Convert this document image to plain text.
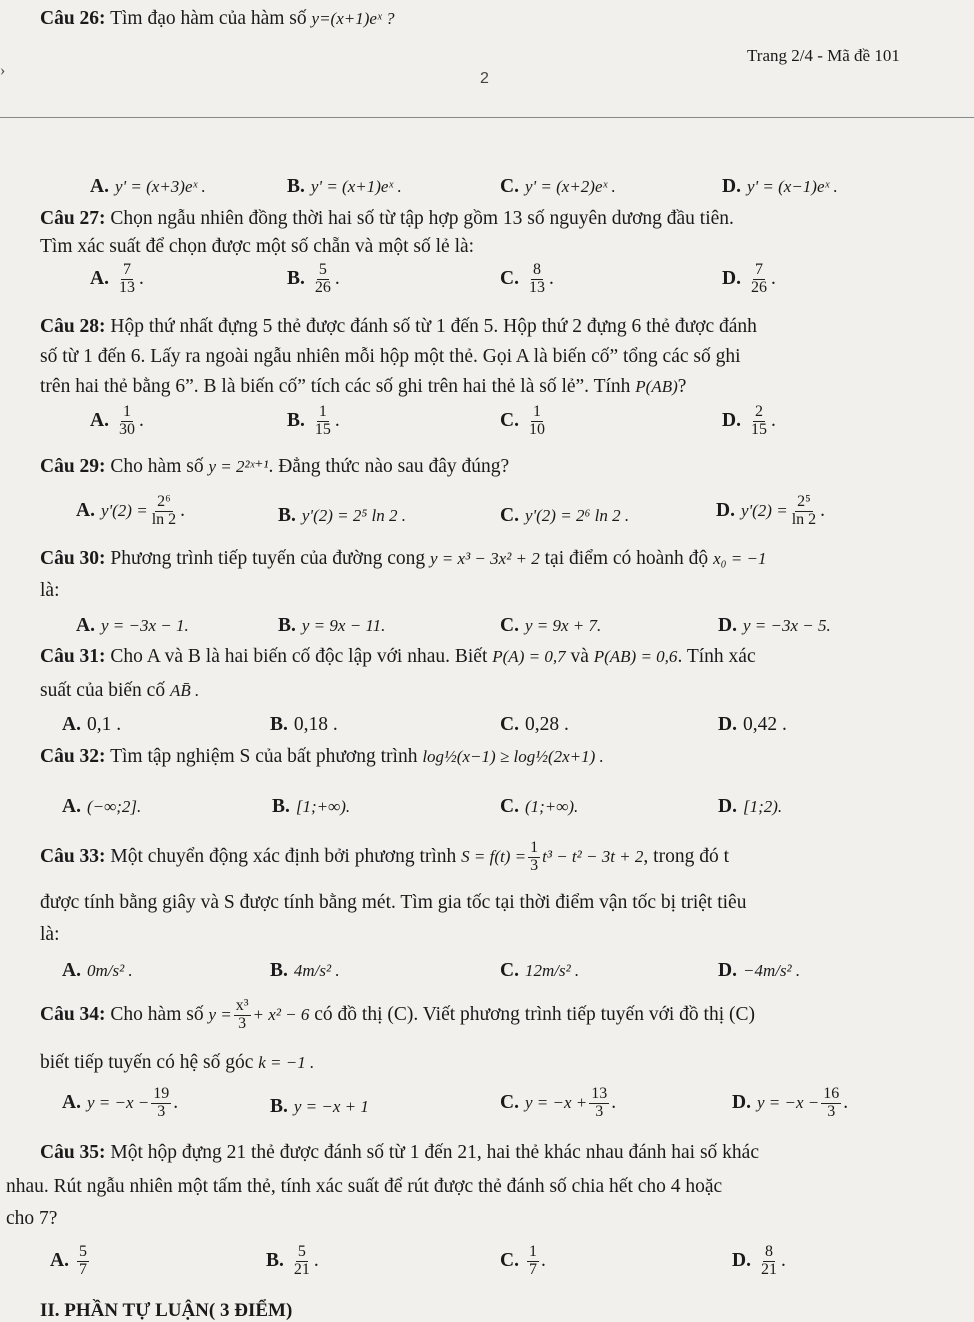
Câu 26: Tìm đạo hàm của hàm số y=(x+1)eˣ ?
Trang 2/4 - Mã đề 101
›	2
A. y' = (x+3)eˣ .	B. y' = (x+1)eˣ .	C. y' = (x+2)eˣ .	D. y' = (x−1)eˣ .
Câu 27: Chọn ngẫu nhiên đồng thời hai số từ tập hợp gồm 13 số nguyên dương đầu tiên.
Tìm xác suất để chọn được một số chẵn và một số lẻ là:
A. $\frac{7}{13}$ .	B. $\frac{5}{26}$ .	C. $\frac{8}{13}$ .	D. $\frac{7}{26}$ .
Câu 28: Hộp thứ nhất đựng 5 thẻ được đánh số từ 1 đến 5. Hộp thứ 2 đựng 6 thẻ được đánh
số từ 1 đến 6. Lấy ra ngoài ngẫu nhiên mỗi hộp một thẻ. Gọi A là biến cố” tổng các số ghi
trên hai thẻ bằng 6”. B là biến cố” tích các số ghi trên hai thẻ là số lẻ”. Tính P(AB)?
A. $\frac{1}{30}$ .	B. $\frac{1}{15}$ .	C. $\frac{1}{10}$	D. $\frac{2}{15}$ .
Câu 29: Cho hàm số y = 2²ˣ⁺¹. Đẳng thức nào sau đây đúng?
A. $y'(2) = \frac{\text{2⁶}}{\ln 2}$ .	B. y'(2) = 2⁵ ln 2 .	C. y'(2) = 2⁶ ln 2 .	D. $y'(2) = \frac{\text{2⁵}}{\ln 2}$ .
Câu 30: Phương trình tiếp tuyến của đường cong y = x³ − 3x² + 2 tại điểm có hoành độ x₀ = −1
là:
A. y = −3x − 1.	B. y = 9x − 11.	C. y = 9x + 7.	D. y = −3x − 5.
Câu 31: Cho A và B là hai biến cố độc lập với nhau. Biết P(A) = 0,7 và P(AB) = 0,6. Tính xác
suất của biến cố AB̄ .
A. 0,1 .	B. 0,18 .	C. 0,28 .	D. 0,42 .
Câu 32: Tìm tập nghiệm S của bất phương trình log½(x−1) ≥ log½(2x+1) .
A. (−∞;2].	B. [1;+∞).	C. (1;+∞).	D. [1;2).
Câu 33: Một chuyển động xác định bởi phương trình $S = f(t) = \frac{1}{3} t^3 - t^2 - 3t + 2$, trong đó t
được tính bằng giây và S được tính bằng mét. Tìm gia tốc tại thời điểm vận tốc bị triệt tiêu
là:
A. 0m/s² .	B. 4m/s² .	C. 12m/s² .	D. −4m/s² .
Câu 34: Cho hàm số $y = \frac{\text{x³}}{3} + x^2 - 6$ có đồ thị (C). Viết phương trình tiếp tuyến với đồ thị (C)
biết tiếp tuyến có hệ số góc k = −1 .
A. $y = -x - \frac{19}{3}$ .	B. y = −x + 1	C. $y = -x + \frac{13}{3}$ .	D. $y = -x - \frac{16}{3}$ .
Câu 35: Một hộp đựng 21 thẻ được đánh số từ 1 đến 21, hai thẻ khác nhau đánh hai số khác
nhau. Rút ngẫu nhiên một tấm thẻ, tính xác suất để rút được thẻ đánh số chia hết cho 4 hoặc
cho 7?
A. $\frac{5}{7}$	B. $\frac{5}{21}$ .	C. $\frac{1}{7}$ .	D. $\frac{8}{21}$ .
II. PHẦN TỰ LUẬN( 3 ĐIỂM)
